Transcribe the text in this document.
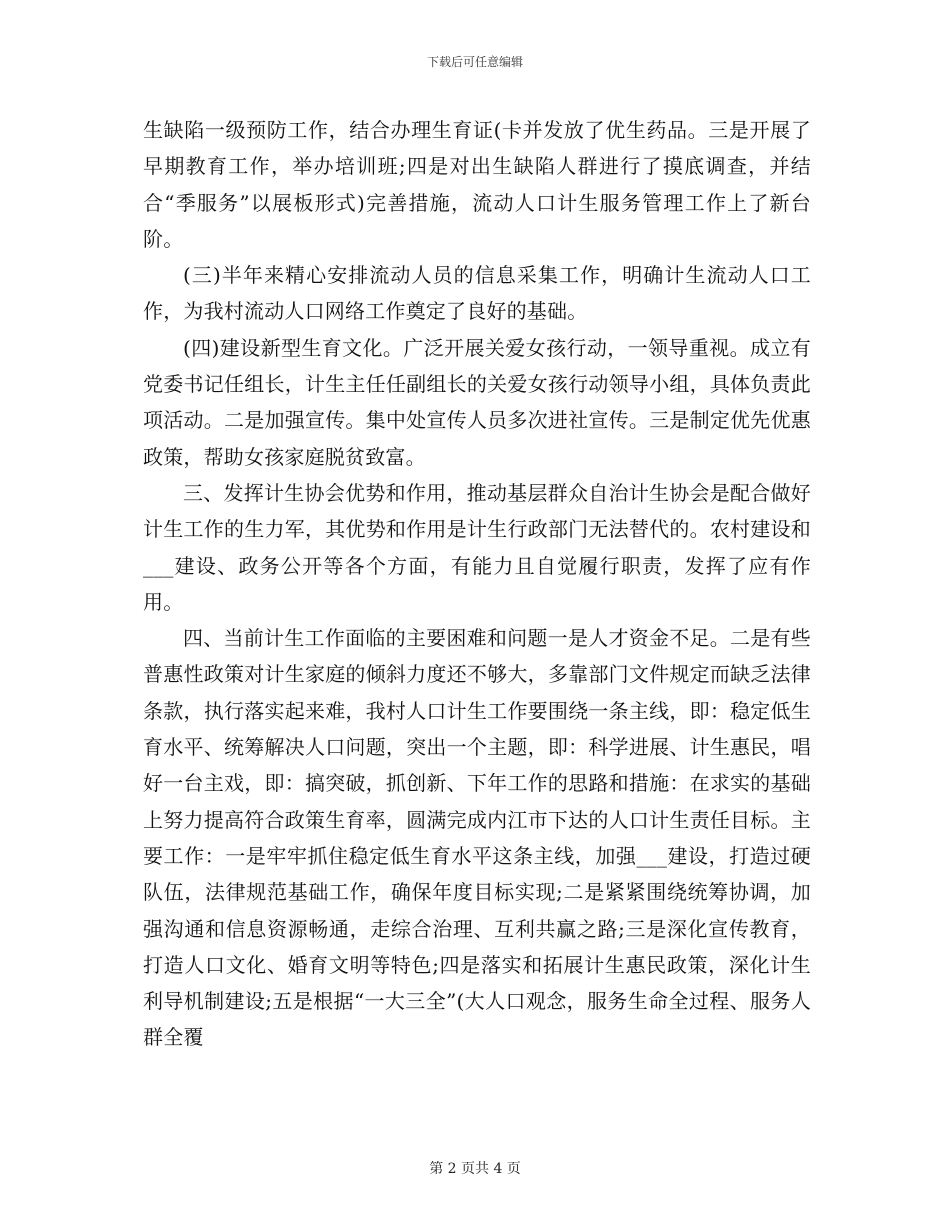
下载后可任意编辑

生缺陷一级预防工作，结合办理生育证(卡并发放了优生药品。三是开展了早期教育工作，举办培训班;四是对出生缺陷人群进行了摸底调查，并结合“季服务”以展板形式)完善措施，流动人口计生服务管理工作上了新台阶。

(三)半年来精心安排流动人员的信息采集工作，明确计生流动人口工作，为我村流动人口网络工作奠定了良好的基础。

(四)建设新型生育文化。广泛开展关爱女孩行动，一领导重视。成立有党委书记任组长，计生主任任副组长的关爱女孩行动领导小组，具体负责此项活动。二是加强宣传。集中处宣传人员多次进社宣传。三是制定优先优惠政策，帮助女孩家庭脱贫致富。

三、发挥计生协会优势和作用，推动基层群众自治计生协会是配合做好计生工作的生力军，其优势和作用是计生行政部门无法替代的。农村建设和___建设、政务公开等各个方面，有能力且自觉履行职责，发挥了应有作用。

四、当前计生工作面临的主要困难和问题一是人才资金不足。二是有些普惠性政策对计生家庭的倾斜力度还不够大，多靠部门文件规定而缺乏法律条款，执行落实起来难，我村人口计生工作要围绕一条主线，即：稳定低生育水平、统筹解决人口问题，突出一个主题，即：科学进展、计生惠民，唱好一台主戏，即：搞突破，抓创新、下年工作的思路和措施：在求实的基础上努力提高符合政策生育率，圆满完成内江市下达的人口计生责任目标。主要工作：一是牢牢抓住稳定低生育水平这条主线，加强___建设，打造过硬队伍，法律规范基础工作，确保年度目标实现;二是紧紧围绕统筹协调，加强沟通和信息资源畅通，走综合治理、互利共赢之路;三是深化宣传教育，打造人口文化、婚育文明等特色;四是落实和拓展计生惠民政策，深化计生利导机制建设;五是根据“一大三全”(大人口观念，服务生命全过程、服务人群全覆

第 2 页共 4 页
